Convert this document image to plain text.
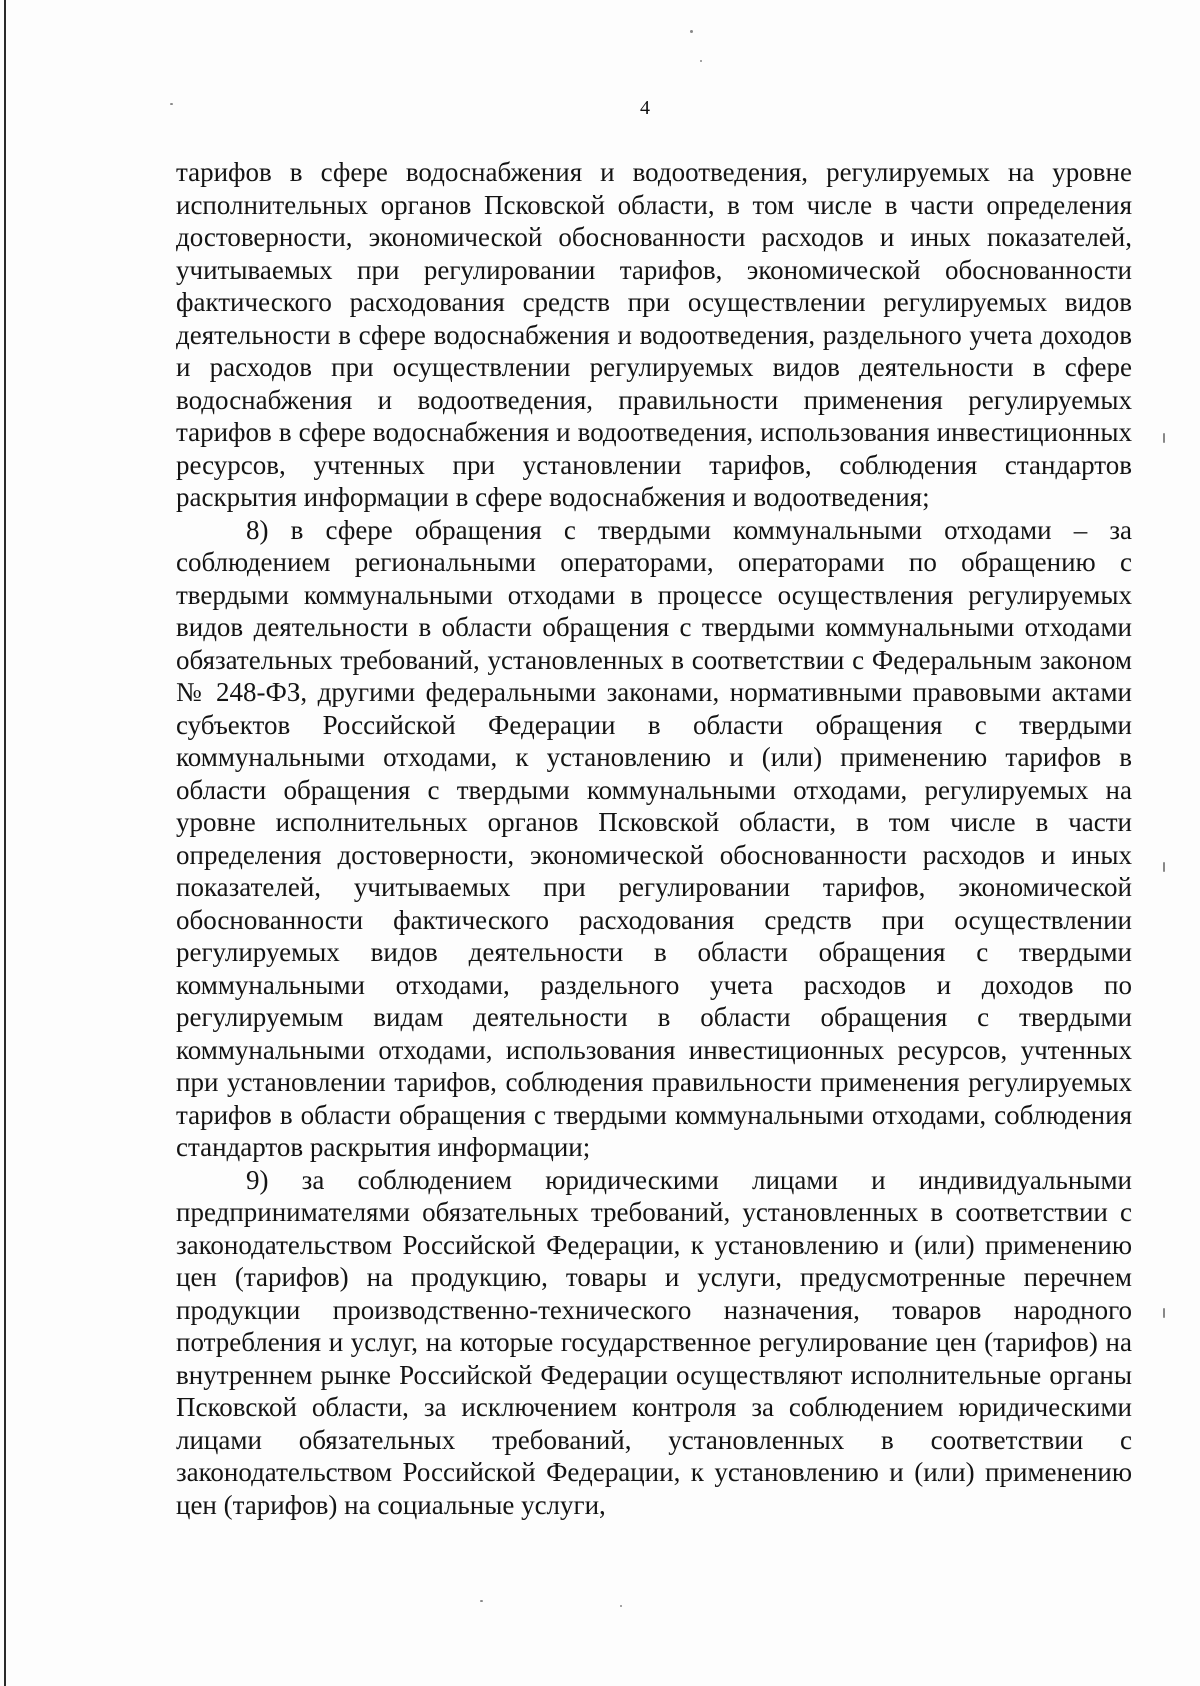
4

тарифов в сфере водоснабжения и водоотведения, регулируемых на уровне исполнительных органов Псковской области, в том числе в части определения достоверности, экономической обоснованности расходов и иных показателей, учитываемых при регулировании тарифов, экономической обоснованности фактического расходования средств при осуществлении регулируемых видов деятельности в сфере водоснабжения и водоотведения, раздельного учета доходов и расходов при осуществлении регулируемых видов деятельности в сфере водоснабжения и водоотведения, правильности применения регулируемых тарифов в сфере водоснабжения и водоотведения, использования инвестиционных ресурсов, учтенных при установлении тарифов, соблюдения стандартов раскрытия информации в сфере водоснабжения и водоотведения;

8) в сфере обращения с твердыми коммунальными отходами – за соблюдением региональными операторами, операторами по обращению с твердыми коммунальными отходами в процессе осуществления регулируемых видов деятельности в области обращения с твердыми коммунальными отходами обязательных требований, установленных в соответствии с Федеральным законом № 248-ФЗ, другими федеральными законами, нормативными правовыми актами субъектов Российской Федерации в области обращения с твердыми коммунальными отходами, к установлению и (или) применению тарифов в области обращения с твердыми коммунальными отходами, регулируемых на уровне исполнительных органов Псковской области, в том числе в части определения достоверности, экономической обоснованности расходов и иных показателей, учитываемых при регулировании тарифов, экономической обоснованности фактического расходования средств при осуществлении регулируемых видов деятельности в области обращения с твердыми коммунальными отходами, раздельного учета расходов и доходов по регулируемым видам деятельности в области обращения с твердыми коммунальными отходами, использования инвестиционных ресурсов, учтенных при установлении тарифов, соблюдения правильности применения регулируемых тарифов в области обращения с твердыми коммунальными отходами, соблюдения стандартов раскрытия информации;

9) за соблюдением юридическими лицами и индивидуальными предпринимателями обязательных требований, установленных в соответствии с законодательством Российской Федерации, к установлению и (или) применению цен (тарифов) на продукцию, товары и услуги, предусмотренные перечнем продукции производственно-технического назначения, товаров народного потребления и услуг, на которые государственное регулирование цен (тарифов) на внутреннем рынке Российской Федерации осуществляют исполнительные органы Псковской области, за исключением контроля за соблюдением юридическими лицами обязательных требований, установленных в соответствии с законодательством Российской Федерации, к установлению и (или) применению цен (тарифов) на социальные услуги,
